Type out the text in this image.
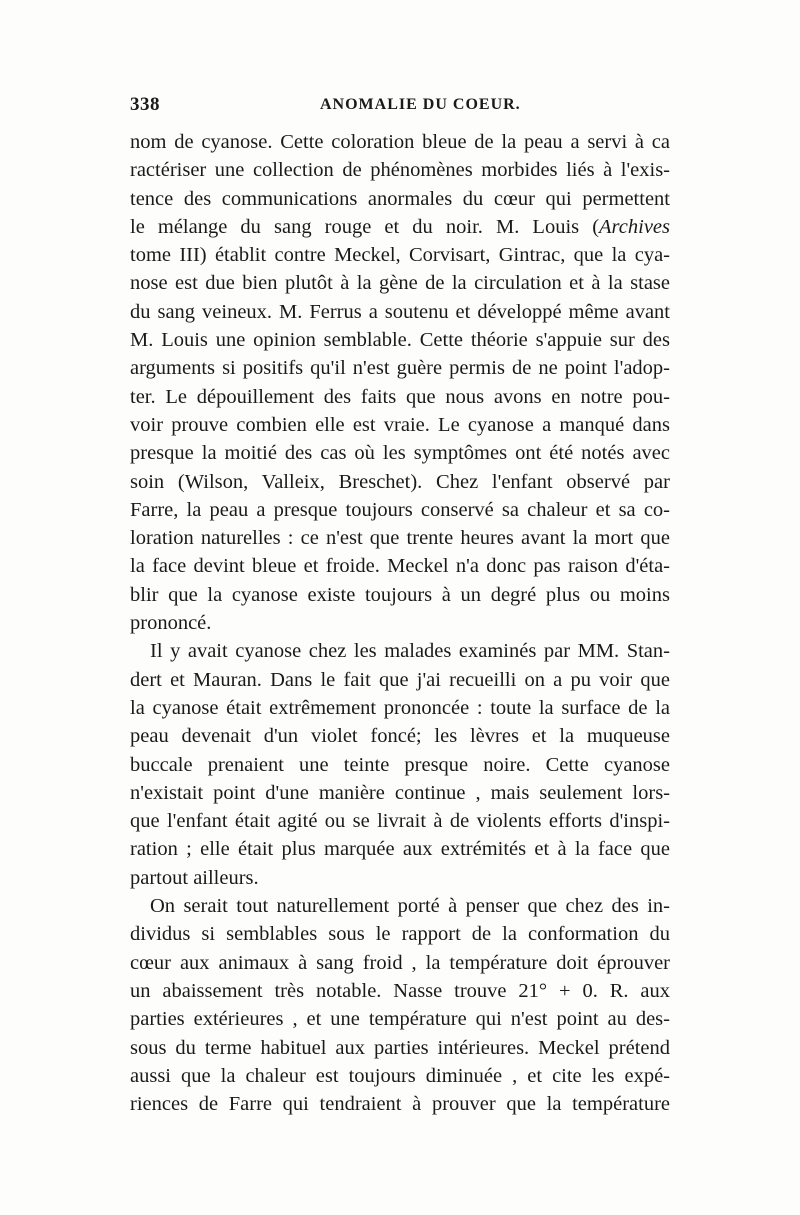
338	ANOMALIE DU COEUR.
nom de cyanose. Cette coloration bleue de la peau a servi à ca
ractériser une collection de phénomènes morbides liés à l'exis-
tence des communications anormales du cœur qui permettent
le mélange du sang rouge et du noir. M. Louis (Archives
tome III) établit contre Meckel, Corvisart, Gintrac, que la cya-
nose est due bien plutôt à la gène de la circulation et à la stase
du sang veineux. M. Ferrus a soutenu et développé même avant
M. Louis une opinion semblable. Cette théorie s'appuie sur des
arguments si positifs qu'il n'est guère permis de ne point l'adop-
ter. Le dépouillement des faits que nous avons en notre pou-
voir prouve combien elle est vraie. Le cyanose a manqué dans
presque la moitié des cas où les symptômes ont été notés avec
soin (Wilson, Valleix, Breschet). Chez l'enfant observé par
Farre, la peau a presque toujours conservé sa chaleur et sa co-
loration naturelles : ce n'est que trente heures avant la mort que
la face devint bleue et froide. Meckel n'a donc pas raison d'éta-
blir que la cyanose existe toujours à un degré plus ou moins
prononcé.
Il y avait cyanose chez les malades examinés par MM. Stan-
dert et Mauran. Dans le fait que j'ai recueilli on a pu voir que
la cyanose était extrêmement prononcée : toute la surface de la
peau devenait d'un violet foncé; les lèvres et la muqueuse
buccale prenaient une teinte presque noire. Cette cyanose
n'existait point d'une manière continue , mais seulement lors-
que l'enfant était agité ou se livrait à de violents efforts d'inspi-
ration ; elle était plus marquée aux extrémités et à la face que
partout ailleurs.
On serait tout naturellement porté à penser que chez des in-
dividus si semblables sous le rapport de la conformation du
cœur aux animaux à sang froid , la température doit éprouver
un abaissement très notable. Nasse trouve 21° + 0. R. aux
parties extérieures , et une température qui n'est point au des-
sous du terme habituel aux parties intérieures. Meckel prétend
aussi que la chaleur est toujours diminuée , et cite les expé-
riences de Farre qui tendraient à prouver que la température
